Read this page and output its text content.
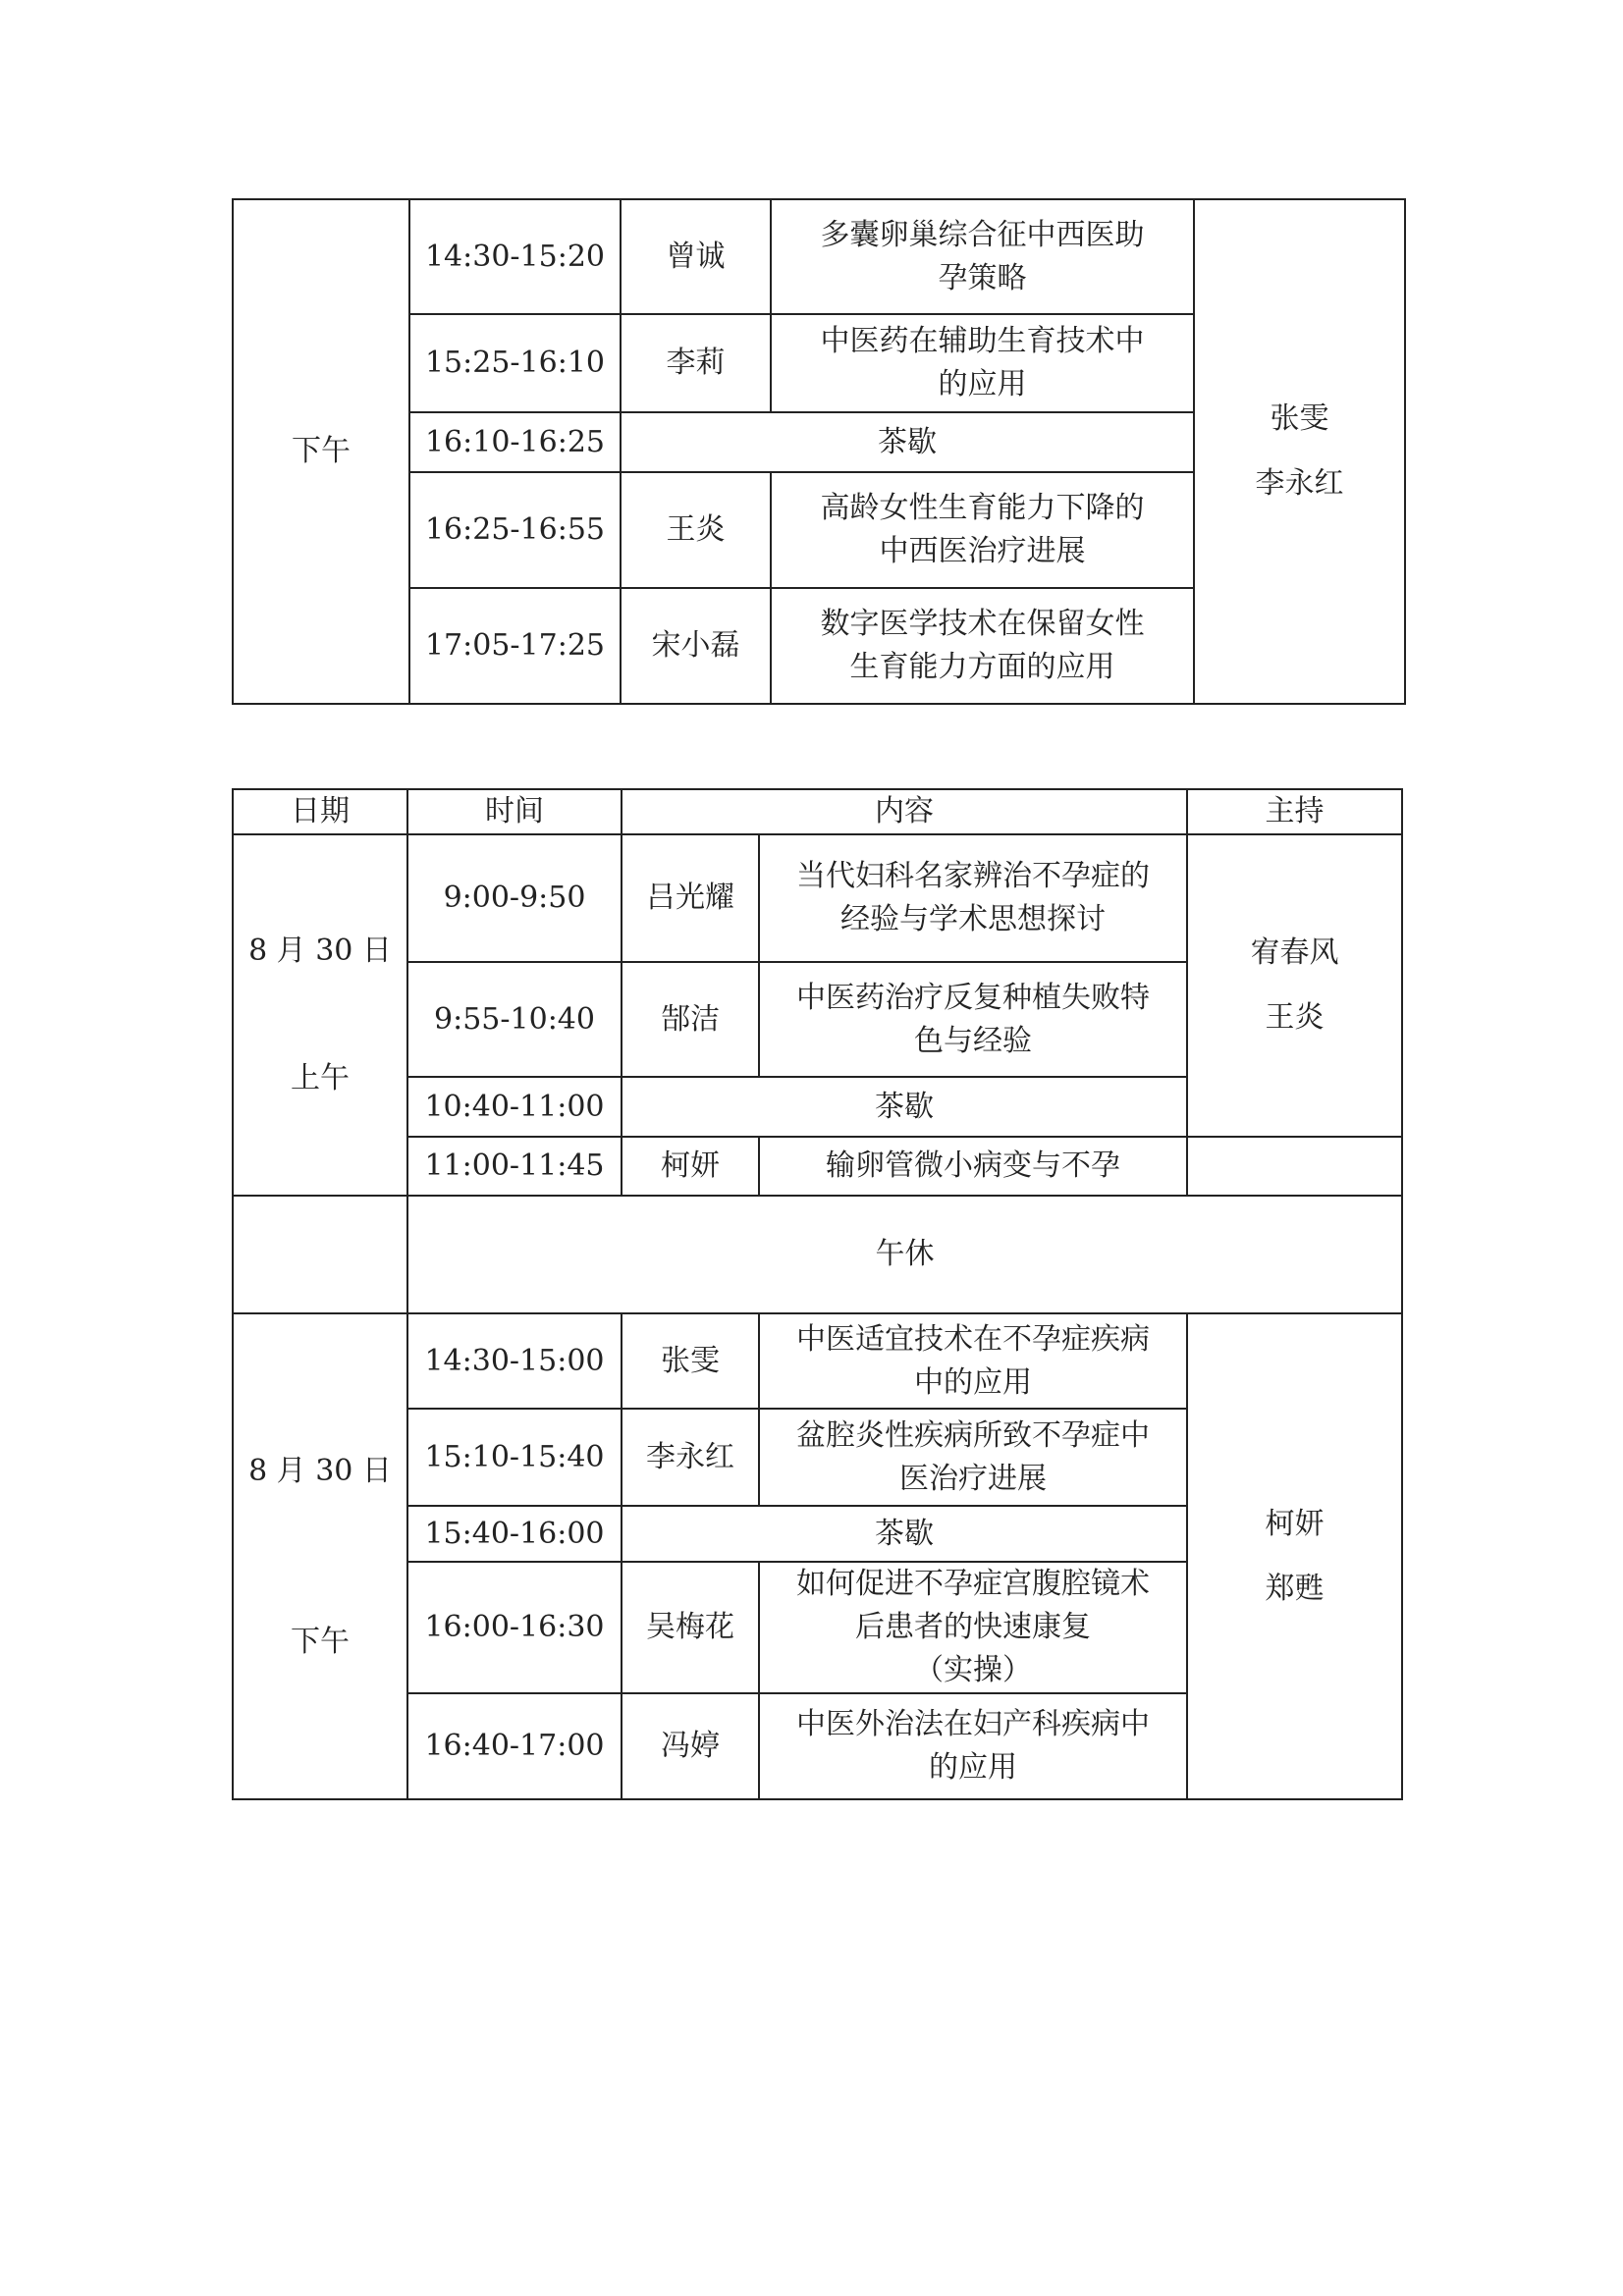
下午	14:30-15:20	曾诚	多囊卵巢综合征中西医助
孕策略	张雯
李永红

	15:25-16:10	李莉	中医药在辅助生育技术中
的应用	

	16:10-16:25	茶歇		
	16:25-16:55	王炎	高龄女性生育能力下降的
中西医治疗进展	

	17:05-17:25	宋小磊	数字医学技术在保留女性
生育能力方面的应用	
日期	时间	内容		主持

8 月 30 日
上午	9:00-9:50	吕光耀	当代妇科名家辨治不孕症的
经验与学术思想探讨	宥春风
王炎

	9:55-10:40	郜洁	中医药治疗反复种植失败特
色与经验	

	10:40-11:00	茶歇		
	11:00-11:45	柯妍	输卵管微小病变与不孕	
	午休			

8 月 30 日
下午	14:30-15:00	张雯	中医适宜技术在不孕症疾病
中的应用	柯妍
郑甦

	15:10-15:40	李永红	盆腔炎性疾病所致不孕症中
医治疗进展	

	15:40-16:00	茶歇		
	16:00-16:30	吴梅花	如何促进不孕症宫腹腔镜术
后患者的快速康复
（实操）	

	16:40-17:00	冯婷	中医外治法在妇产科疾病中
的应用	
